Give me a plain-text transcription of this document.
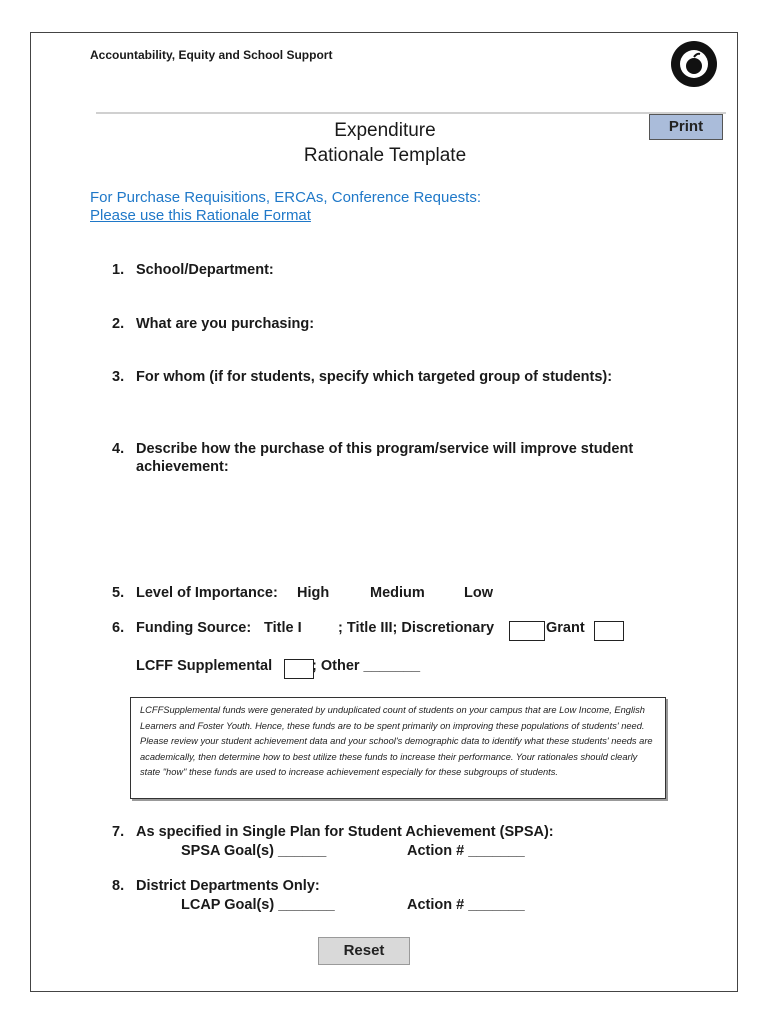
Accountability, Equity and School Support
Expenditure
Rationale Template
Print
For Purchase Requisitions, ERCAs, Conference Requests:
Please use this Rationale Format
1. School/Department:
2. What are you purchasing:
3. For whom (if for students, specify which targeted group of students):
4. Describe how the purchase of this program/service will improve student
achievement:
5. Level of Importance: High	Medium	Low
6. Funding Source: Title I	; Title III; Discretionary	Grant
LCFF Supplemental	; Other _______
LCFFSupplemental funds were generated by unduplicated count of students on your campus that are Low Income, English Learners and Foster Youth. Hence, these funds are to be spent primarily on improving these populations of students' need. Please review your student achievement data and your school's demographic data to identify what these students' needs are academically, then determine how to best utilize these funds to increase their performance. Your rationales should clearly state "how" these funds are used to increase achievement especially for these subgroups of students.
7. As specified in Single Plan for Student Achievement (SPSA):
SPSA Goal(s) ______	Action # _______
8. District Departments Only:
LCAP Goal(s) _______	Action # _______
Reset
